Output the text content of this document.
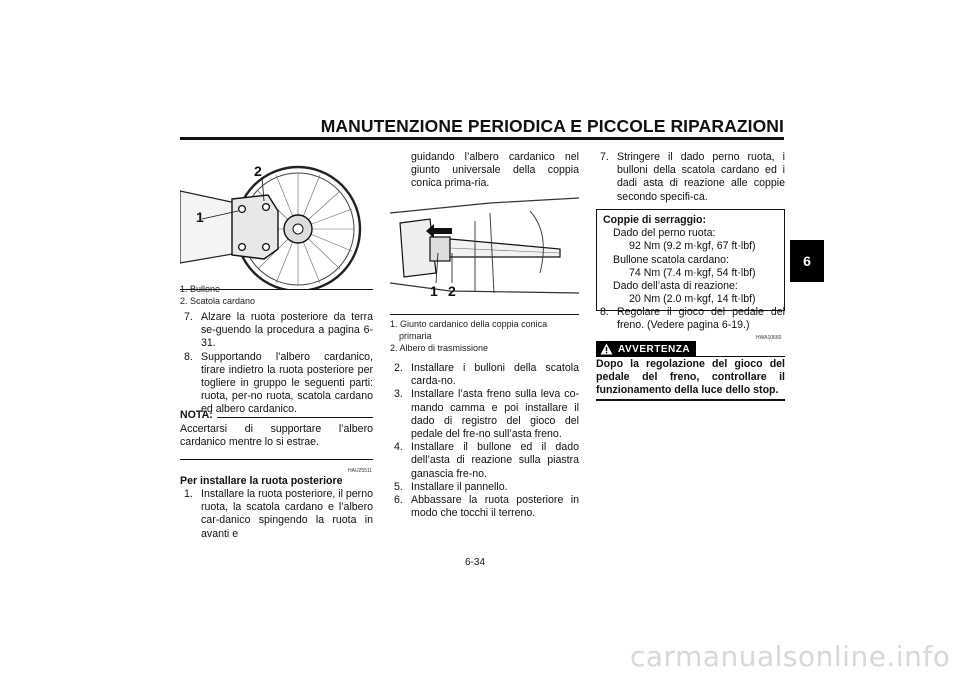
MANUTENZIONE PERIODICA E PICCOLE RIPARAZIONI
6
1
2
1. Bullone
2. Scatola cardano
7. Alzare la ruota posteriore da terra se-guendo la procedura a pagina 6-31.
8. Supportando l’albero cardanico, tirare indietro la ruota posteriore per togliere in gruppo le seguenti parti: ruota, per-no ruota, scatola cardano ed albero cardanico.
NOTA:
Accertarsi di supportare l’albero cardanico mentre lo si estrae.
HAU25511
Per installare la ruota posteriore
1. Installare la ruota posteriore, il perno ruota, la scatola cardano e l’albero car-danico spingendo la ruota in avanti e
guidando l’albero cardanico nel giunto universale della coppia conica prima-ria.
1 2
1. Giunto cardanico della coppia conica primaria
2. Albero di trasmissione
2. Installare i bulloni della scatola carda-no.
3. Installare l’asta freno sulla leva co-mando camma e poi installare il dado di registro del gioco del pedale del fre-no sull’asta freno.
4. Installare il bullone ed il dado dell’asta di reazione sulla piastra ganascia fre-no.
5. Installare il pannello.
6. Abbassare la ruota posteriore in modo che tocchi il terreno.
7. Stringere il dado perno ruota, i bulloni della scatola cardano ed i dadi asta di reazione alle coppie secondo specifi-ca.
Coppie di serraggio:
Dado del perno ruota:
92 Nm (9.2 m·kgf, 67 ft·lbf)
Bullone scatola cardano:
74 Nm (7.4 m·kgf, 54 ft·lbf)
Dado dell’asta di reazione:
20 Nm (2.0 m·kgf, 14 ft·lbf)
8. Regolare il gioco del pedale del freno. (Vedere pagina 6-19.)
HWA10660
AVVERTENZA
Dopo la regolazione del gioco del pedale del freno, controllare il funzionamento della luce dello stop.
6-34
carmanualsonline.info
